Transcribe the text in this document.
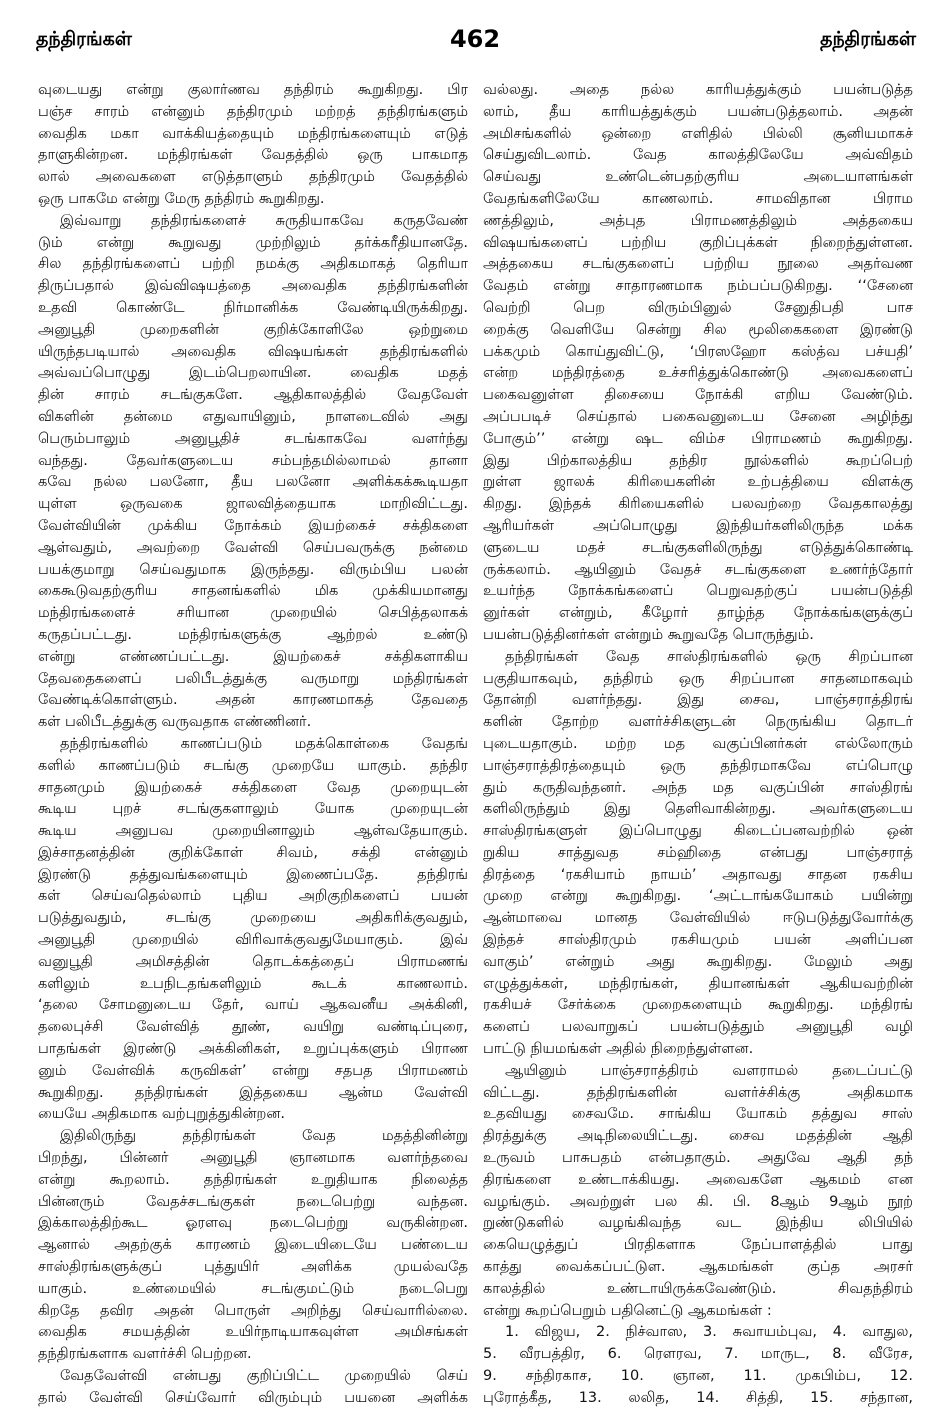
தந்திரங்கள்	462	தந்திரங்கள்
வுடையது என்று குலார்ணவ தந்திரம் கூறுகிறது. பிர
பஞ்ச சாரம் என்னும் தந்திரமும் மற்றத் தந்திரங்களும்
வைதிக மகா வாக்கியத்தையும் மந்திரங்களையும் எடுத்
தாளுகின்றன. மந்திரங்கள் வேதத்தில் ஒரு பாகமாத
லால் அவைகளை எடுத்தாளும் தந்திரமும் வேதத்தில்
ஒரு பாகமே என்று மேரு தந்திரம் கூறுகிறது.
இவ்வாறு தந்திரங்களைச் சுருதியாகவே கருதவேண்
டும் என்று கூறுவது முற்றிலும் தர்க்கரீதியானதே.
சில தந்திரங்களைப் பற்றி நமக்கு அதிகமாகத் தெரியா
திருப்பதால் இவ்விஷயத்தை அவைதிக தந்திரங்களின்
உதவி கொண்டே நிர்மானிக்க வேண்டியிருக்கிறது.
அனுபூதி முறைகளின் குறிக்கோளிலே ஒற்றுமை
யிருந்தபடியால் அவைதிக விஷயங்கள் தந்திரங்களில்
அவ்வப்பொழுது இடம்பெறலாயின. வைதிக மதத்
தின் சாரம் சடங்குகளே. ஆதிகாலத்தில் வேதவேள்
விகளின் தன்மை எதுவாயினும், நாளடைவில் அது
பெரும்பாலும் அனுபூதிச் சடங்காகவே வளர்ந்து
வந்தது. தேவர்களுடைய சம்பந்தமில்லாமல் தானா
கவே நல்ல பலனோ, தீய பலனோ அளிக்கக்கூடியதா
யுள்ள ஒருவகை ஜாலவித்தையாக மாறிவிட்டது.
வேள்வியின் முக்கிய நோக்கம் இயற்கைச் சக்திகளை
ஆள்வதும், அவற்றை வேள்வி செய்பவருக்கு நன்மை
பயக்குமாறு செய்வதுமாக இருந்தது. விரும்பிய பலன்
கைகூடுவதற்குரிய சாதனங்களில் மிக முக்கியமானது
மந்திரங்களைச் சரியான முறையில் செபித்தலாகக்
கருதப்பட்டது. மந்திரங்களுக்கு ஆற்றல் உண்டு
என்று எண்ணப்பட்டது. இயற்கைச் சக்திகளாகிய
தேவதைகளைப் பலிபீடத்துக்கு வருமாறு மந்திரங்கள்
வேண்டிக்கொள்ளும். அதன் காரணமாகத் தேவதை
கள் பலிபீடத்துக்கு வருவதாக எண்ணினர்.
தந்திரங்களில் காணப்படும் மதக்கொள்கை வேதங்
களில் காணப்படும் சடங்கு முறையே யாகும். தந்திர
சாதனமும் இயற்கைச் சக்திகளை வேத முறையுடன்
கூடிய புறச் சடங்குகளாலும் யோக முறையுடன்
கூடிய அனுபவ முறையினாலும் ஆள்வதேயாகும்.
இச்சாதனத்தின் குறிக்கோள் சிவம், சக்தி என்னும்
இரண்டு தத்துவங்களையும் இணைப்பதே. தந்திரங்
கள் செய்வதெல்லாம் புதிய அறிகுறிகளைப் பயன்
படுத்துவதும், சடங்கு முறையை அதிகரிக்குவதும்,
அனுபூதி முறையில் விரிவாக்குவதுமேயாகும். இவ்
வனுபூதி அமிசத்தின் தொடக்கத்தைப் பிராமணங்
களிலும் உபநிடதங்களிலும் கூடக் காணலாம்.
‘தலை சோமனுடைய தேர், வாய் ஆகவனீய அக்கினி,
தலைபுச்சி வேள்வித் தூண், வயிறு வண்டிப்புரை,
பாதங்கள் இரண்டு அக்கினிகள், உறுப்புக்களும் பிராண
னும் வேள்விக் கருவிகள்’ என்று சதபத பிராமணம்
கூறுகிறது. தந்திரங்கள் இத்தகைய ஆன்ம வேள்வி
யையே அதிகமாக வற்புறுத்துகின்றன.
இதிலிருந்து தந்திரங்கள் வேத மதத்தினின்று
பிறந்து, பின்னர் அனுபூதி ஞானமாக வளர்ந்தவை
என்று கூறலாம். தந்திரங்கள் உறுதியாக நிலைத்த
பின்னரும் வேதச்சடங்குகள் நடைபெற்று வந்தன.
இக்காலத்திற்கூட ஓரளவு நடைபெற்று வருகின்றன.
ஆனால் அதற்குக் காரணம் இடையிடையே பண்டைய
சாஸ்திரங்களுக்குப் புத்துயிர் அளிக்க முயல்வதே
யாகும். உண்மையில் சடங்குமட்டும் நடைபெறு
கிறதே தவிர அதன் பொருள் அறிந்து செய்வாரில்லை.
வைதிக சமயத்தின் உயிர்நாடியாகவுள்ள அமிசங்கள்
தந்திரங்களாக வளர்ச்சி பெற்றன.
வேதவேள்வி என்பது குறிப்பிட்ட முறையில் செய்
தால் வேள்வி செய்வோர் விரும்பும் பயனை அளிக்க
வல்லது. அதை நல்ல காரியத்துக்கும் பயன்படுத்த
லாம், தீய காரியத்துக்கும் பயன்படுத்தலாம். அதன்
அமிசங்களில் ஒன்றை எளிதில் பில்லி சூனியமாகச்
செய்துவிடலாம். வேத காலத்திலேயே அவ்விதம்
செய்வது உண்டென்பதற்குரிய அடையாளங்கள்
வேதங்களிலேயே காணலாம். சாமவிதான பிராம
ணத்திலும், அத்புத பிராமணத்திலும் அத்தகைய
விஷயங்களைப் பற்றிய குறிப்புக்கள் நிறைந்துள்ளன.
அத்தகைய சடங்குகளைப் பற்றிய நூலை அதர்வண
வேதம் என்று சாதாரணமாக நம்பப்படுகிறது. ‘‘சேனை
வெற்றி பெற விரும்பினுல் சேனுதிபதி பாச
றைக்கு வெளியே சென்று சில மூலிகைகளை இரண்டு
பக்கமும் கொய்துவிட்டு, ‘பிரஸஹோ கஸ்த்வ பச்யதி’
என்ற மந்திரத்தை உச்சரித்துக்கொண்டு அவைகளைப்
பகைவனுள்ள திசையை நோக்கி எறிய வேண்டும்.
அப்பபடிச் செய்தால் பகைவனுடைய சேனை அழிந்து
போகும்’’ என்று ஷட விம்ச பிராமணம் கூறுகிறது.
இது பிற்காலத்திய தந்திர நூல்களில் கூறப்பெற்
றுள்ள ஜாலக் கிரியைகளின் உற்பத்தியை விளக்கு
கிறது. இந்தக் கிரியைகளில் பலவற்றை வேதகாலத்து
ஆரியர்கள் அப்பொழுது இந்தியர்களிலிருந்த மக்க
ளுடைய மதச் சடங்குகளிலிருந்து எடுத்துக்கொண்டி
ருக்கலாம். ஆயினும் வேதச் சடங்குகளை உணர்ந்தோர்
உயர்ந்த நோக்கங்களைப் பெறுவதற்குப் பயன்படுத்தி
னுர்கள் என்றும், கீழோர் தாழ்ந்த நோக்கங்களுக்குப்
பயன்படுத்தினர்கள் என்றும் கூறுவதே பொருந்தும்.
தந்திரங்கள் வேத சாஸ்திரங்களில் ஒரு சிறப்பான
பகுதியாகவும், தந்திரம் ஒரு சிறப்பான சாதனமாகவும்
தோன்றி வளர்ந்தது. இது சைவ, பாஞ்சராத்திரங்
களின் தோற்ற வளர்ச்சிகளுடன் நெருங்கிய தொடர்
புடையதாகும். மற்ற மத வகுப்பினர்கள் எல்லோரும்
பாஞ்சராத்திரத்தையும் ஒரு தந்திரமாகவே எப்பொழு
தும் கருதிவந்தனர். அந்த மத வகுப்பின் சாஸ்திரங்
களிலிருந்தும் இது தெளிவாகின்றது. அவர்களுடைய
சாஸ்திரங்களுள் இப்பொழுது கிடைப்பனவற்றில் ஒன்
றுகிய சாத்துவத சம்ஹிதை என்பது பாஞ்சராத்
திரத்தை ‘ரகசியாம் நாயம்’ அதாவது சாதன ரகசிய
முறை என்று கூறுகிறது. ‘அட்டாங்கயோகம் பயின்று
ஆன்மாவை மானத வேள்வியில் ஈடுபடுத்துவோர்க்கு
இந்தச் சாஸ்திரமும் ரகசியமும் பயன் அளிப்பன
வாகும்’ என்றும் அது கூறுகிறது. மேலும் அது
எழுத்துக்கள், மந்திரங்கள், தியானங்கள் ஆகியவற்றின்
ரகசியச் சேர்க்கை முறைகளையும் கூறுகிறது. மந்திரங்
களைப் பலவாறுகப் பயன்படுத்தும் அனுபூதி வழி
பாட்டு நியமங்கள் அதில் நிறைந்துள்ளன.
ஆயினும் பாஞ்சராத்திரம் வளராமல் தடைப்பட்டு
விட்டது. தந்திரங்களின் வளர்ச்சிக்கு அதிகமாக
உதவியது சைவமே. சாங்கிய யோகம் தத்துவ சாஸ்
திரத்துக்கு அடிநிலையிட்டது. சைவ மதத்தின் ஆதி
உருவம் பாசுபதம் என்பதாகும். அதுவே ஆதி தந்
திரங்களை உண்டாக்கியது. அவைகளே ஆகமம் என
வழங்கும். அவற்றுள் பல கி. பி. 8ஆம் 9ஆம் நூற்
றுண்டுகளில் வழங்கிவந்த வட இந்திய லிபியில்
கையெழுத்துப் பிரதிகளாக நேப்பாளத்தில் பாது
காத்து வைக்கப்பட்டுள. ஆகமங்கள் குப்த அரசர்
காலத்தில் உண்டாயிருக்கவேண்டும். சிவதந்திரம்
என்று கூறப்பெறும் பதினெட்டு ஆகமங்கள் :
1. விஜய, 2. நிச்வாஸ, 3. சுவாயம்புவ, 4. வாதுல,
5. வீரபத்திர, 6. ரௌரவ, 7. மாருட, 8. வீரேச,
9. சந்திரகாச, 10. ஞான, 11. முகபிம்ப, 12.
புரோத்கீத, 13. லலித, 14. சித்தி, 15. சந்தான,
